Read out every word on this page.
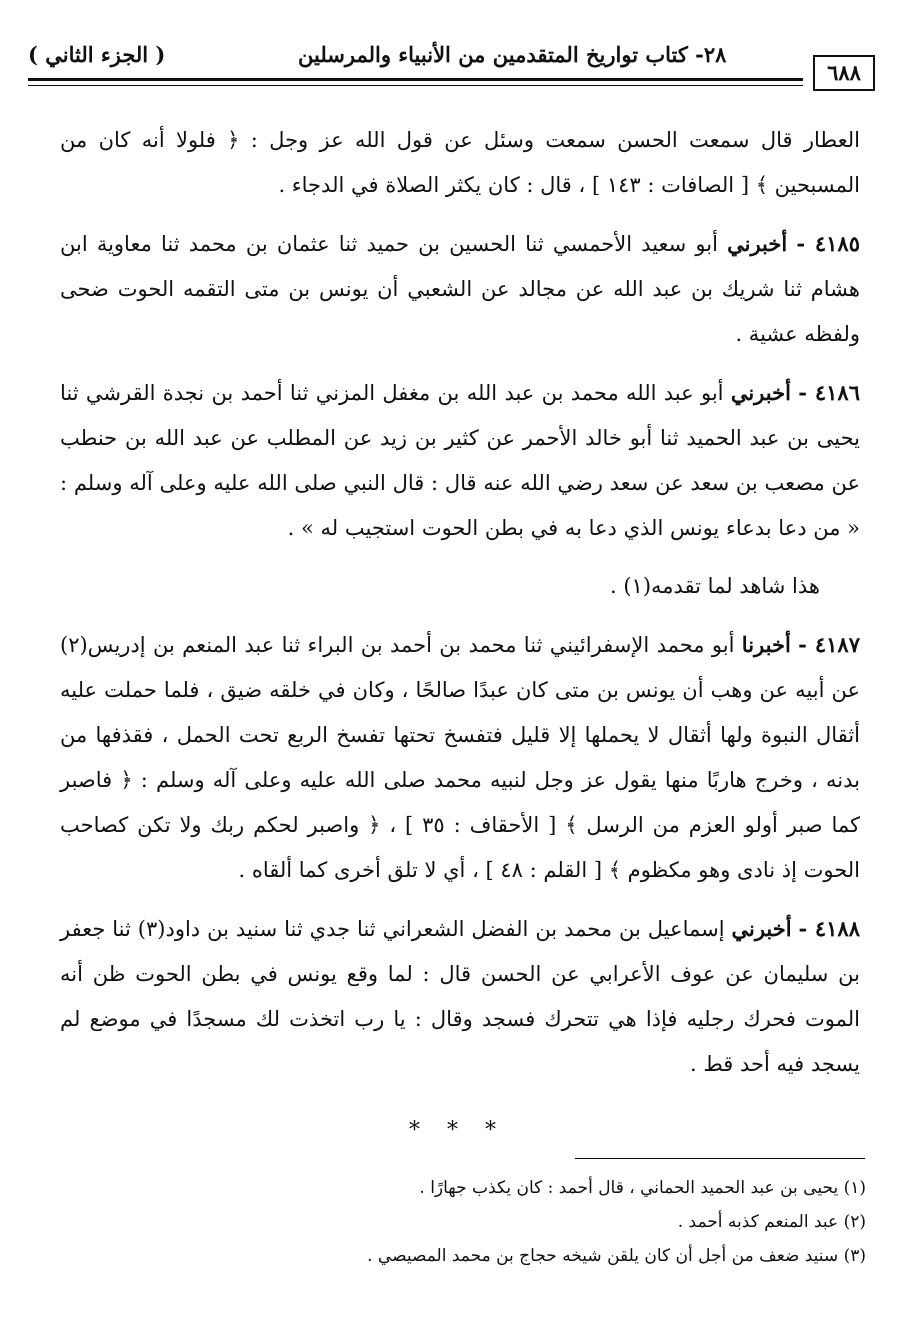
( الجزء الثاني )	٢٨- كتاب تواريخ المتقدمين من الأنبياء والمرسلين
٦٨٨

العطار قال سمعت الحسن سمعت وسئل عن قول الله عز وجل : ﴿ فلولا أنه كان من المسبحين ﴾ [ الصافات : ١٤٣ ] ، قال : كان يكثر الصلاة في الدجاء .

٤١٨٥ - أخبرني أبو سعيد الأحمسي ثنا الحسين بن حميد ثنا عثمان بن محمد ثنا معاوية ابن هشام ثنا شريك بن عبد الله عن مجالد عن الشعبي أن يونس بن متى التقمه الحوت ضحى ولفظه عشية .

٤١٨٦ - أخبرني أبو عبد الله محمد بن عبد الله بن مغفل المزني ثنا أحمد بن نجدة القرشي ثنا يحيى بن عبد الحميد ثنا أبو خالد الأحمر عن كثير بن زيد عن المطلب عن عبد الله بن حنطب عن مصعب بن سعد عن سعد رضي الله عنه قال : قال النبي صلى الله عليه وعلى آله وسلم : « من دعا بدعاء يونس الذي دعا به في بطن الحوت استجيب له » .

هذا شاهد لما تقدمه(١) .

٤١٨٧ - أخبرنا أبو محمد الإسفرائيني ثنا محمد بن أحمد بن البراء ثنا عبد المنعم بن إدريس(٢) عن أبيه عن وهب أن يونس بن متى كان عبدًا صالحًا ، وكان في خلقه ضيق ، فلما حملت عليه أثقال النبوة ولها أثقال لا يحملها إلا قليل فتفسخ تحتها تفسخ الربع تحت الحمل ، فقذفها من بدنه ، وخرج هاربًا منها يقول عز وجل لنبيه محمد صلى الله عليه وعلى آله وسلم : ﴿ فاصبر كما صبر أولو العزم من الرسل ﴾ [ الأحقاف : ٣٥ ] ، ﴿ واصبر لحكم ربك ولا تكن كصاحب الحوت إذ نادى وهو مكظوم ﴾ [ القلم : ٤٨ ] ، أي لا تلق أخرى كما ألقاه .

٤١٨٨ - أخبرني إسماعيل بن محمد بن الفضل الشعراني ثنا جدي ثنا سنيد بن داود(٣) ثنا جعفر بن سليمان عن عوف الأعرابي عن الحسن قال : لما وقع يونس في بطن الحوت ظن أنه الموت فحرك رجليه فإذا هي تتحرك فسجد وقال : يا رب اتخذت لك مسجدًا في موضع لم يسجد فيه أحد قط .

* * *

(١) يحيى بن عبد الحميد الحماني ، قال أحمد : كان يكذب جهارًا .

(٢) عبد المنعم كذبه أحمد .

(٣) سنيد ضعف من أجل أن كان يلقن شيخه حجاج بن محمد المصيصي .
